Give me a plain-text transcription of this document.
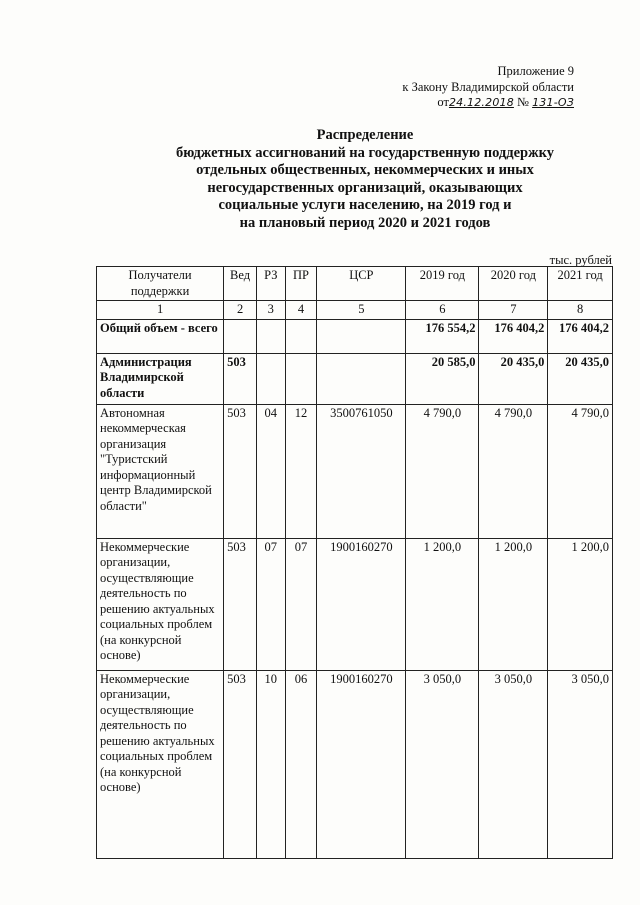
Приложение 9
к Закону Владимирской области
от24.12.2018 № 131-ОЗ
Распределение
бюджетных ассигнований на государственную поддержку
отдельных общественных, некоммерческих и иных
негосударственных организаций, оказывающих
социальные услуги населению, на 2019 год и
на плановый период 2020 и 2021 годов
тыс. рублей
Получатели поддержки	Вед	РЗ	ПР	ЦСР	2019 год	2020 год	2021 год
1	2	3	4	5	6	7	8
Общий объем - всего					176 554,2	176 404,2	176 404,2
Администрация Владимирской области	503				20 585,0	20 435,0	20 435,0
Автономная некоммерческая организация "Туристский информационный центр Владимирской области"	503	04	12	3500761050	4 790,0	4 790,0	4 790,0
Некоммерческие организации, осуществляющие деятельность по решению актуальных социальных проблем (на конкурсной основе)	503	07	07	1900160270	1 200,0	1 200,0	1 200,0
Некоммерческие организации, осуществляющие деятельность по решению актуальных социальных проблем (на конкурсной основе)	503	10	06	1900160270	3 050,0	3 050,0	3 050,0
